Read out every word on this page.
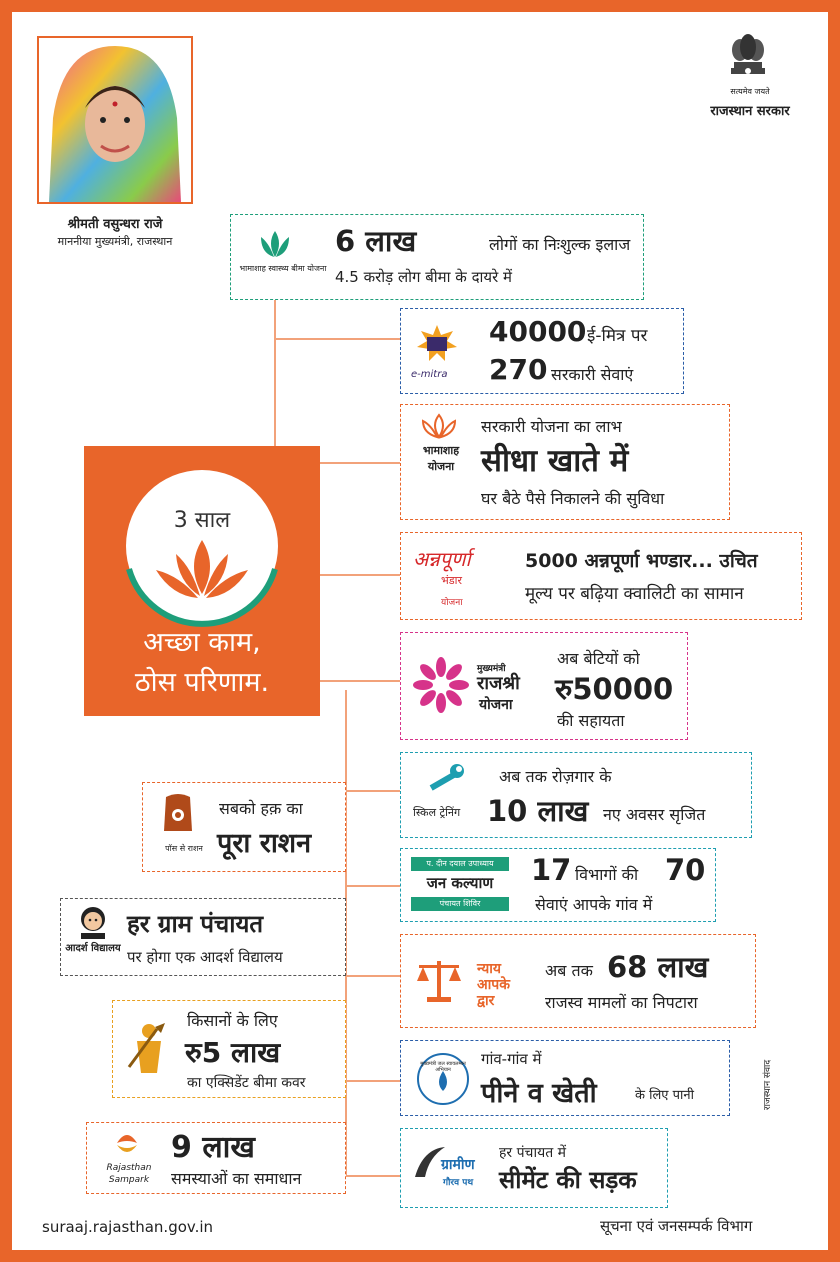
श्रीमती वसुन्धरा राजे
माननीया मुख्यमंत्री, राजस्थान
सत्यमेव जयते
राजस्थान सरकार
3 साल
अच्छा काम,
ठोस परिणाम.
भामाशाह स्वास्थ्य बीमा योजना
6 लाख	लोगों का निःशुल्क इलाज
4.5 करोड़ लोग बीमा के दायरे में
e-mitra
40000 ई-मित्र पर
270 सरकारी सेवाएं
भामाशाह
योजना
सरकारी योजना का लाभ
सीधा खाते में
घर बैठे पैसे निकालने की सुविधा
अन्नपूर्णा
भंडार
योजना
5000 अन्नपूर्णा भण्डार... उचित
मूल्य पर बढ़िया क्वालिटी का सामान
मुख्यमंत्री
राजश्री
योजना
अब बेटियों को
रु50000
की सहायता
स्किल ट्रेनिंग
अब तक रोज़गार के
10 लाख नए अवसर सृजित
पॉस से राशन
सबको हक़ का
पूरा राशन
प. दीन दयाल उपाध्याय
जन कल्याण
पंचायत शिविर
17 विभागों की 70
सेवाएं आपके गांव में
आदर्श विद्यालय
हर ग्राम पंचायत
पर होगा एक आदर्श विद्यालय
न्याय
आपके
द्वार
अब तक 68 लाख
राजस्व मामलों का निपटारा
किसानों के लिए
रु5 लाख
का एक्सिडेंट बीमा कवर
मुख्यमंत्री जल स्वावलम्बन अभियान
गांव-गांव में
पीने व खेती	के लिए पानी
Rajasthan
Sampark
9 लाख
समस्याओं का समाधान
ग्रामीण
गौरव पथ
हर पंचायत में
सीमेंट की सड़क
राजस्थान संवाद
suraaj.rajasthan.gov.in	सूचना एवं जनसम्पर्क विभाग
